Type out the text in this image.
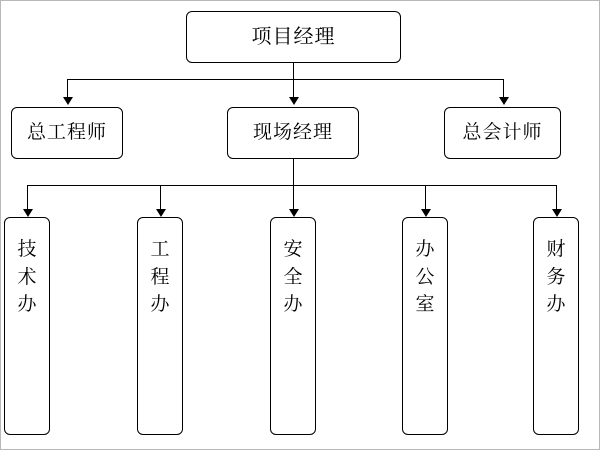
项目经理
总工程师	现场经理	总会计师
技术办
工程办
安全办
办公室
财务办
